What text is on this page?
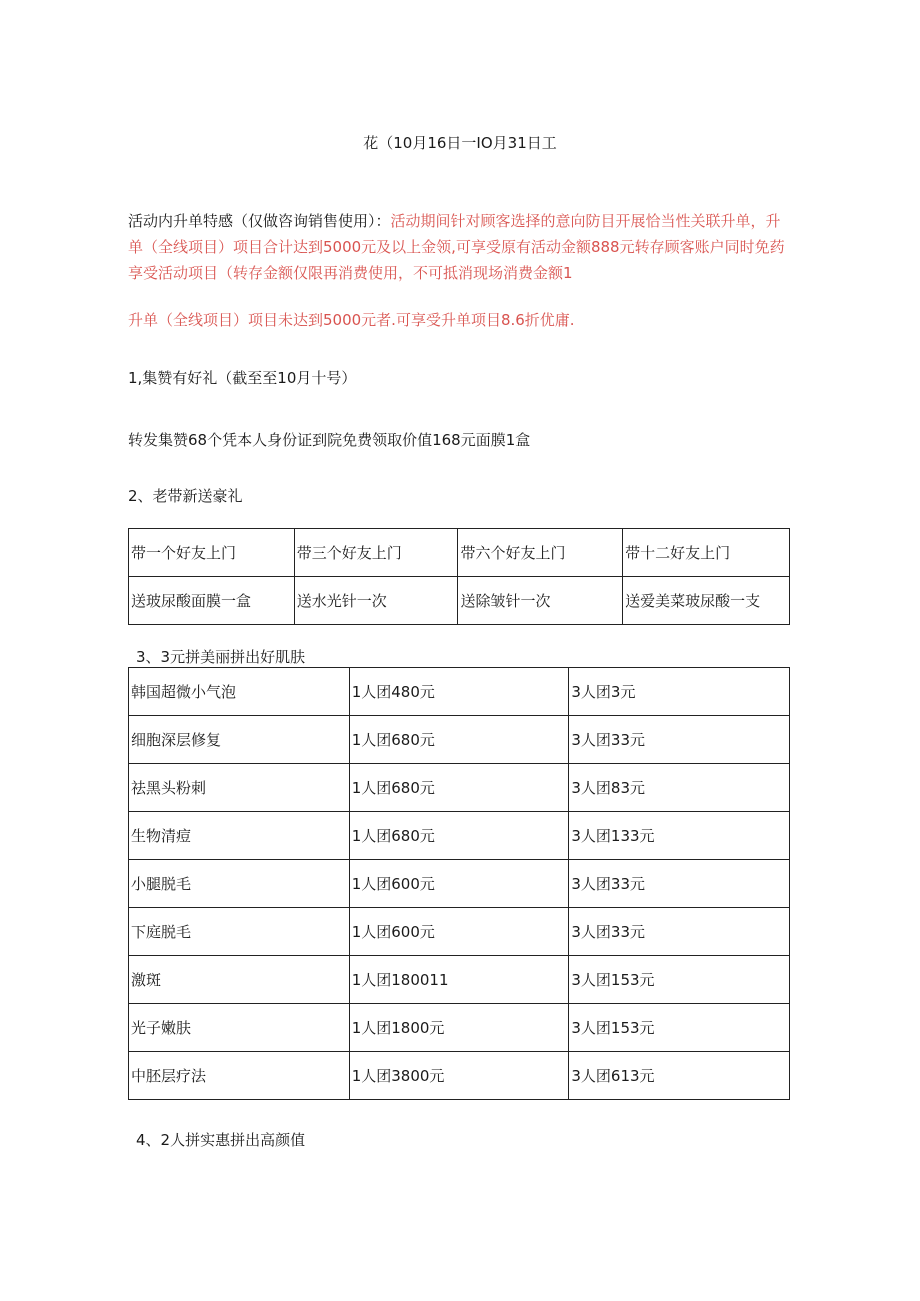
花（10月16日一IO月31日工
活动内升单特感（仅做咨询销售使用）：活动期间针对顾客选择的意向防目开展恰当性关联升单，升单（全线项目）项目合计达到5000元及以上金领,可享受原有活动金额888元转存顾客账户同时免药享受活动项目（转存金额仅限再消费使用，不可抵消现场消费金额1
升单（全线项目）项目未达到5000元者.可享受升单项目8.6折优庸.
1,集赞有好礼（截至至10月十号）
转发集赞68个凭本人身份证到院免费领取价值168元面膜1盒
2、老带新送豪礼
带一个好友上门	带三个好友上门	带六个好友上门	带十二好友上门
送玻尿酸面膜一盒	送水光针一次	送除皱针一次	送爱美菜玻尿酸一支
3、3元拼美丽拼出好肌肤
韩国超微小气泡	1人团480元	3人团3元
细胞深层修复	1人团680元	3人团33元
祛黑头粉刺	1人团680元	3人团83元
生物清痘	1人团680元	3人团133元
小腿脱毛	1人团600元	3人团33元
下庭脱毛	1人团600元	3人团33元
激斑	1人团180011	3人团153元
光子嫩肤	1人团1800元	3人团153元
中胚层疗法	1人团3800元	3人团613元
4、2人拼实惠拼出高颜值
